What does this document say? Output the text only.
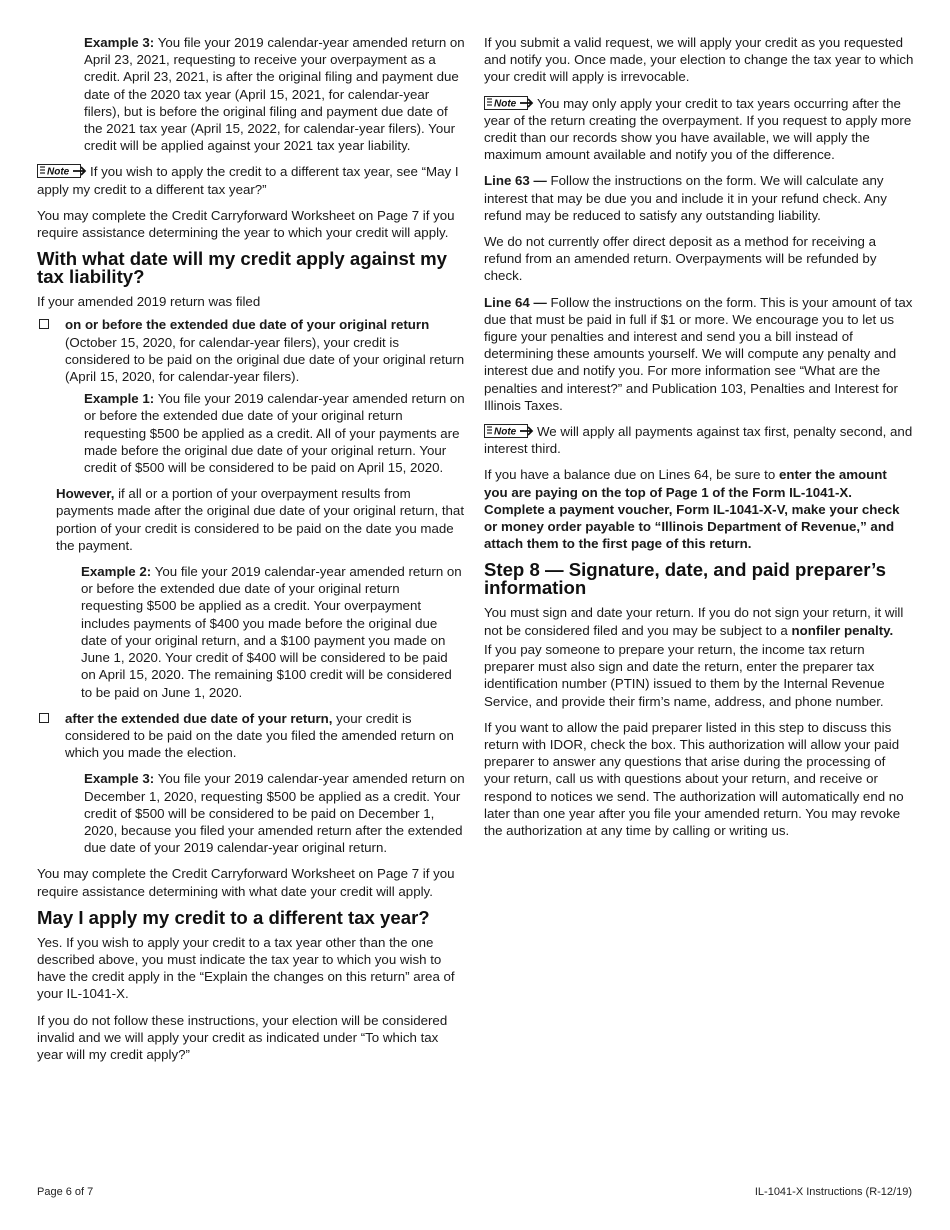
Example 3: You file your 2019 calendar-year amended return on April 23, 2021, requesting to receive your overpayment as a credit. April 23, 2021, is after the original filing and payment due date of the 2020 tax year (April 15, 2021, for calendar-year filers), but is before the original filing and payment due date of the 2021 tax year (April 15, 2022, for calendar-year filers). Your credit will be applied against your 2021 tax year liability.

Note If you wish to apply the credit to a different tax year, see “May I apply my credit to a different tax year?”

You may complete the Credit Carryforward Worksheet on Page 7 if you require assistance determining the year to which your credit will apply.

With what date will my credit apply against my tax liability?

If your amended 2019 return was filed

on or before the extended due date of your original return (October 15, 2020, for calendar-year filers), your credit is considered to be paid on the original due date of your original return (April 15, 2020, for calendar-year filers).

Example 1: You file your 2019 calendar-year amended return on or before the extended due date of your original return requesting $500 be applied as a credit. All of your payments are made before the original due date of your original return. Your credit of $500 will be considered to be paid on April 15, 2020.

However, if all or a portion of your overpayment results from payments made after the original due date of your original return, that portion of your credit is considered to be paid on the date you made the payment.

Example 2: You file your 2019 calendar-year amended return on or before the extended due date of your original return requesting $500 be applied as a credit. Your overpayment includes payments of $400 you made before the original due date of your original return, and a $100 payment you made on June 1, 2020. Your credit of $400 will be considered to be paid on April 15, 2020. The remaining $100 credit will be considered to be paid on June 1, 2020.

after the extended due date of your return, your credit is considered to be paid on the date you filed the amended return on which you made the election.

Example 3: You file your 2019 calendar-year amended return on December 1, 2020, requesting $500 be applied as a credit. Your credit of $500 will be considered to be paid on December 1, 2020, because you filed your amended return after the extended due date of your 2019 calendar-year original return.

You may complete the Credit Carryforward Worksheet on Page 7 if you require assistance determining with what date your credit will apply.

May I apply my credit to a different tax year?

Yes. If you wish to apply your credit to a tax year other than the one described above, you must indicate the tax year to which you wish to have the credit apply in the “Explain the changes on this return” area of your IL-1041-X.

If you do not follow these instructions, your election will be considered invalid and we will apply your credit as indicated under “To which tax year will my credit apply?”

If you submit a valid request, we will apply your credit as you requested and notify you. Once made, your election to change the tax year to which your credit will apply is irrevocable.

Note You may only apply your credit to tax years occurring after the year of the return creating the overpayment. If you request to apply more credit than our records show you have available, we will apply the maximum amount available and notify you of the difference.

Line 63 — Follow the instructions on the form. We will calculate any interest that may be due you and include it in your refund check. Any refund may be reduced to satisfy any outstanding liability.

We do not currently offer direct deposit as a method for receiving a refund from an amended return. Overpayments will be refunded by check.

Line 64 — Follow the instructions on the form. This is your amount of tax due that must be paid in full if $1 or more. We encourage you to let us figure your penalties and interest and send you a bill instead of determining these amounts yourself. We will compute any penalty and interest due and notify you. For more information see “What are the penalties and interest?” and Publication 103, Penalties and Interest for Illinois Taxes.

Note We will apply all payments against tax first, penalty second, and interest third.

If you have a balance due on Lines 64, be sure to enter the amount you are paying on the top of Page 1 of the Form IL-1041-X. Complete a payment voucher, Form IL-1041-X-V, make your check or money order payable to “Illinois Department of Revenue,” and attach them to the first page of this return.

Step 8 — Signature, date, and paid preparer’s information

You must sign and date your return. If you do not sign your return, it will not be considered filed and you may be subject to a nonfiler penalty.

If you pay someone to prepare your return, the income tax return preparer must also sign and date the return, enter the preparer tax identification number (PTIN) issued to them by the Internal Revenue Service, and provide their firm’s name, address, and phone number.

If you want to allow the paid preparer listed in this step to discuss this return with IDOR, check the box. This authorization will allow your paid preparer to answer any questions that arise during the processing of your return, call us with questions about your return, and receive or respond to notices we send. The authorization will automatically end no later than one year after you file your amended return. You may revoke the authorization at any time by calling or writing us.

Page 6 of 7	IL-1041-X Instructions (R-12/19)
